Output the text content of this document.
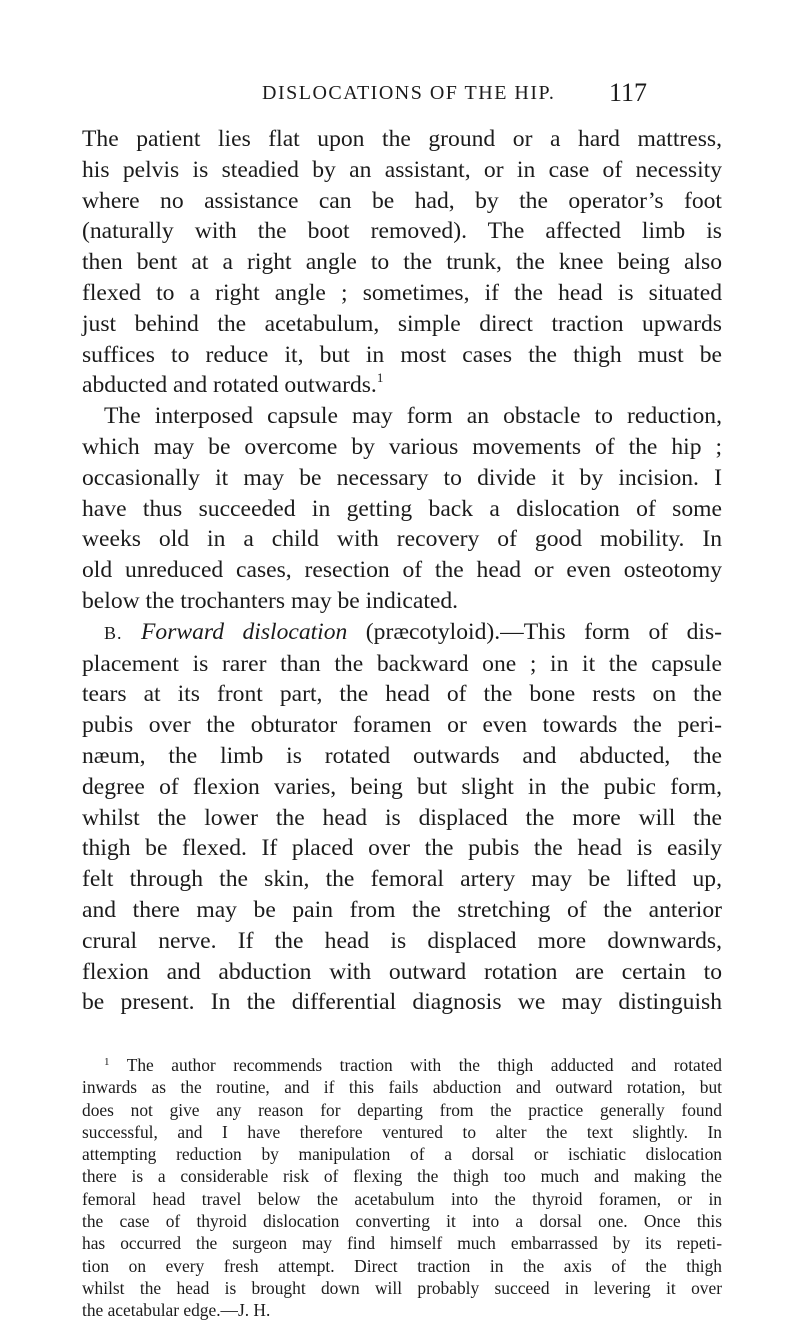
DISLOCATIONS OF THE HIP. 117
The patient lies flat upon the ground or a hard mattress,
his pelvis is steadied by an assistant, or in case of necessity
where no assistance can be had, by the operator’s foot
(naturally with the boot removed). The affected limb is
then bent at a right angle to the trunk, the knee being also
flexed to a right angle ; sometimes, if the head is situated
just behind the acetabulum, simple direct traction upwards
suffices to reduce it, but in most cases the thigh must be
abducted and rotated outwards.$^1$
The interposed capsule may form an obstacle to reduction,
which may be overcome by various movements of the hip ;
occasionally it may be necessary to divide it by incision. I
have thus succeeded in getting back a dislocation of some
weeks old in a child with recovery of good mobility. In
old unreduced cases, resection of the head or even osteotomy
below the trochanters may be indicated.
B. Forward dislocation (præcotyloid).—This form of dis-
placement is rarer than the backward one ; in it the capsule
tears at its front part, the head of the bone rests on the
pubis over the obturator foramen or even towards the peri-
næum, the limb is rotated outwards and abducted, the
degree of flexion varies, being but slight in the pubic form,
whilst the lower the head is displaced the more will the
thigh be flexed. If placed over the pubis the head is easily
felt through the skin, the femoral artery may be lifted up,
and there may be pain from the stretching of the anterior
crural nerve. If the head is displaced more downwards,
flexion and abduction with outward rotation are certain to
be present. In the differential diagnosis we may distinguish
$^1$ The author recommends traction with the thigh adducted and rotated
inwards as the routine, and if this fails abduction and outward rotation, but
does not give any reason for departing from the practice generally found
successful, and I have therefore ventured to alter the text slightly. In
attempting reduction by manipulation of a dorsal or ischiatic dislocation
there is a considerable risk of flexing the thigh too much and making the
femoral head travel below the acetabulum into the thyroid foramen, or in
the case of thyroid dislocation converting it into a dorsal one. Once this
has occurred the surgeon may find himself much embarrassed by its repeti-
tion on every fresh attempt. Direct traction in the axis of the thigh
whilst the head is brought down will probably succeed in levering it over
the acetabular edge.—J. H.
